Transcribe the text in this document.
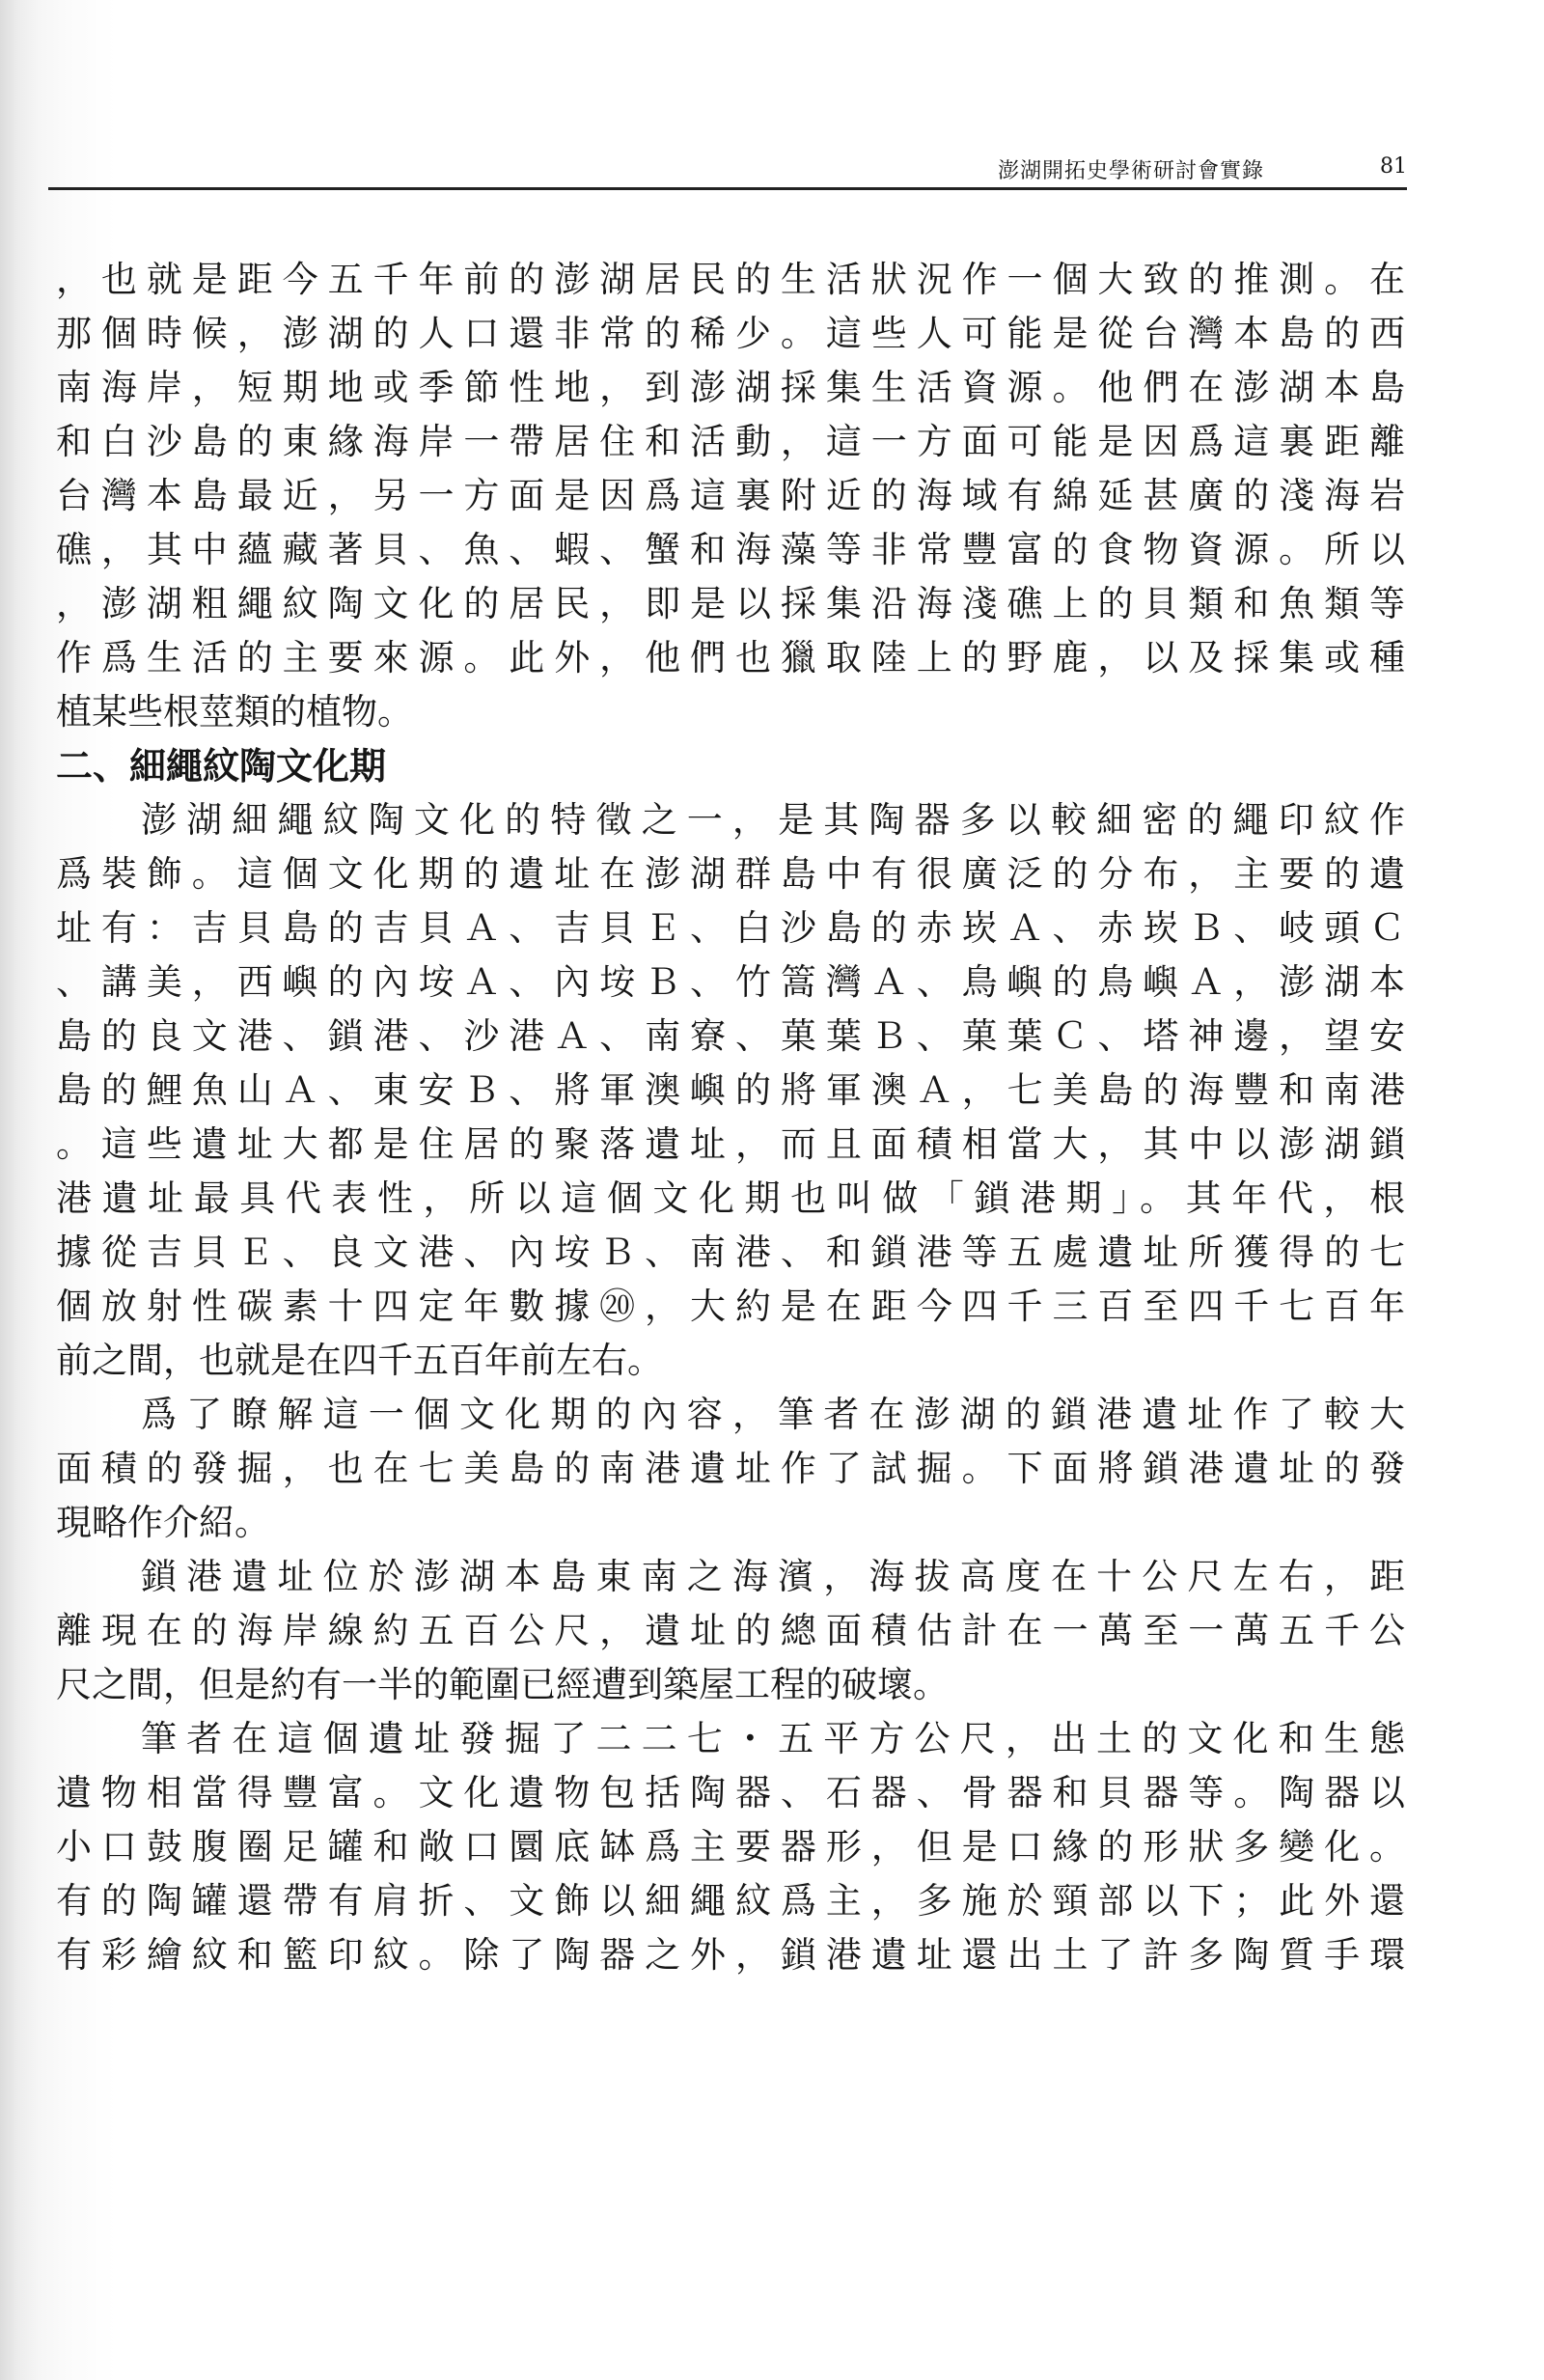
澎湖開拓史學術研討會實錄	81
，也就是距今五千年前的澎湖居民的生活狀況作一個大致的推測。在
那個時候，澎湖的人口還非常的稀少。這些人可能是從台灣本島的西
南海岸，短期地或季節性地，到澎湖採集生活資源。他們在澎湖本島
和白沙島的東緣海岸一帶居住和活動，這一方面可能是因爲這裏距離
台灣本島最近，另一方面是因爲這裏附近的海域有綿延甚廣的淺海岩
礁，其中蘊藏著貝、魚、蝦、蟹和海藻等非常豐富的食物資源。所以
，澎湖粗繩紋陶文化的居民，即是以採集沿海淺礁上的貝類和魚類等
作爲生活的主要來源。此外，他們也獵取陸上的野鹿，以及採集或種
植某些根莖類的植物。
二、細繩紋陶文化期
澎湖細繩紋陶文化的特徵之一，是其陶器多以較細密的繩印紋作
爲裝飾。這個文化期的遺址在澎湖群島中有很廣泛的分布，主要的遺
址有：吉貝島的吉貝Ａ、吉貝Ｅ、白沙島的赤崁Ａ、赤崁Ｂ、岐頭Ｃ
、講美，西嶼的內垵Ａ、內垵Ｂ、竹篙灣Ａ、鳥嶼的鳥嶼Ａ，澎湖本
島的良文港、鎖港、沙港Ａ、南寮、菓葉Ｂ、菓葉Ｃ、塔神邊，望安
島的鯉魚山Ａ、東安Ｂ、將軍澳嶼的將軍澳Ａ，七美島的海豐和南港
。這些遺址大都是住居的聚落遺址，而且面積相當大，其中以澎湖鎖
港遺址最具代表性，所以這個文化期也叫做「鎖港期」。其年代，根
據從吉貝Ｅ、良文港、內垵Ｂ、南港、和鎖港等五處遺址所獲得的七
個放射性碳素十四定年數據⑳，大約是在距今四千三百至四千七百年
前之間，也就是在四千五百年前左右。
爲了瞭解這一個文化期的內容，筆者在澎湖的鎖港遺址作了較大
面積的發掘，也在七美島的南港遺址作了試掘。下面將鎖港遺址的發
現略作介紹。
鎖港遺址位於澎湖本島東南之海濱，海拔高度在十公尺左右，距
離現在的海岸線約五百公尺，遺址的總面積估計在一萬至一萬五千公
尺之間，但是約有一半的範圍已經遭到築屋工程的破壞。
筆者在這個遺址發掘了二二七・五平方公尺，出土的文化和生態
遺物相當得豐富。文化遺物包括陶器、石器、骨器和貝器等。陶器以
小口鼓腹圈足罐和敞口圜底缽爲主要器形，但是口緣的形狀多變化。
有的陶罐還帶有肩折、文飾以細繩紋爲主，多施於頸部以下；此外還
有彩繪紋和籃印紋。除了陶器之外，鎖港遺址還出土了許多陶質手環
